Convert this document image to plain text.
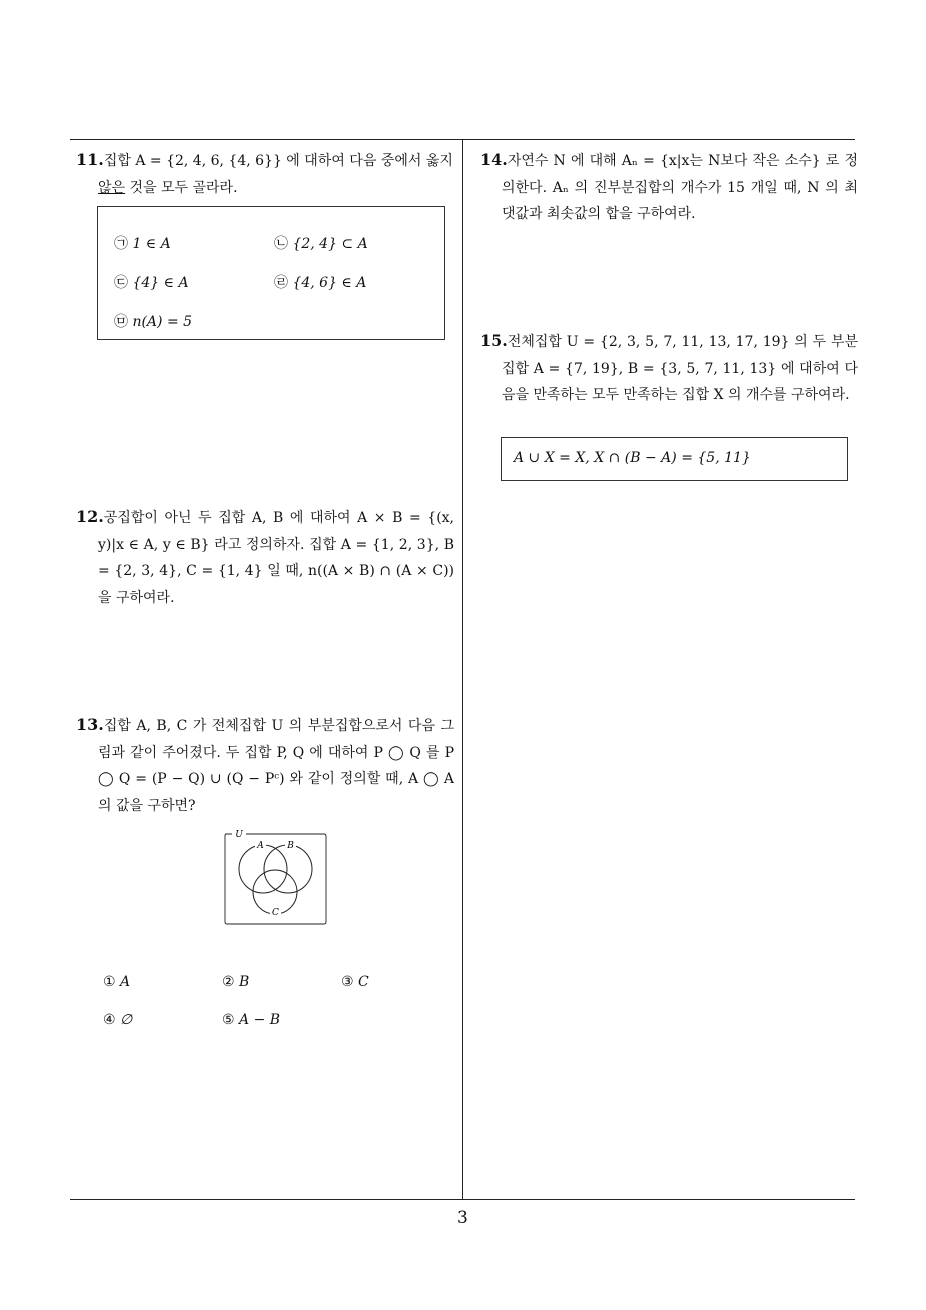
11.집합 A = {2, 4, 6, {4, 6}} 에 대하여 다음 중에서 옳지
않은 것을 모두 골라라.
㉠ 1 ∈ A	㉡ {2, 4} ⊂ A
㉢ {4} ∈ A	㉣ {4, 6} ∈ A
㉤ n(A) = 5
12.공집합이 아닌 두 집합 A, B 에 대하여 A × B = {(x, y)|x ∈ A, y ∈ B} 라고 정의하자. 집합 A = {1, 2, 3}, B = {2, 3, 4}, C = {1, 4} 일 때, n((A × B) ∩ (A × C)) 을 구하여라.
13.집합 A, B, C 가 전체집합 U 의 부분집합으로서 다음 그림과 같이 주어졌다. 두 집합 P, Q 에 대하여 P ◯ Q 를 P ◯ Q = (P − Q) ∪ (Q − Pᶜ) 와 같이 정의할 때, A ◯ A 의 값을 구하면?
U
A	B
C
① A	② B	③ C
④ ∅	⑤ A − B
14.자연수 N 에 대해 Aₙ = {x|x는 N보다 작은 소수} 로 정의한다. Aₙ 의 진부분집합의 개수가 15 개일 때, N 의 최댓값과 최솟값의 합을 구하여라.
15.전체집합 U = {2, 3, 5, 7, 11, 13, 17, 19} 의 두 부분집합 A = {7, 19}, B = {3, 5, 7, 11, 13} 에 대하여 다음을 만족하는 모두 만족하는 집합 X 의 개수를 구하여라.
A ∪ X = X, X ∩ (B − A) = {5, 11}
3
